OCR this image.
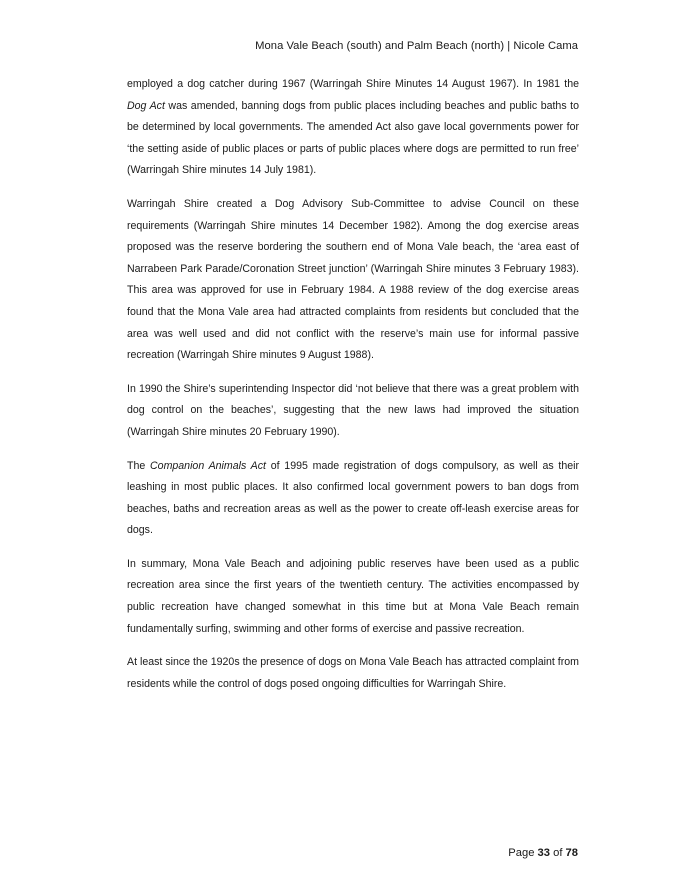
Mona Vale Beach (south) and Palm Beach (north) | Nicole Cama

employed a dog catcher during 1967 (Warringah Shire Minutes 14 August 1967). In 1981 the Dog Act was amended, banning dogs from public places including beaches and public baths to be determined by local governments. The amended Act also gave local governments power for ‘the setting aside of public places or parts of public places where dogs are permitted to run free’ (Warringah Shire minutes 14 July 1981).

Warringah Shire created a Dog Advisory Sub-Committee to advise Council on these requirements (Warringah Shire minutes 14 December 1982). Among the dog exercise areas proposed was the reserve bordering the southern end of Mona Vale beach, the ‘area east of Narrabeen Park Parade/Coronation Street junction’ (Warringah Shire minutes 3 February 1983). This area was approved for use in February 1984. A 1988 review of the dog exercise areas found that the Mona Vale area had attracted complaints from residents but concluded that the area was well used and did not conflict with the reserve’s main use for informal passive recreation (Warringah Shire minutes 9 August 1988).

In 1990 the Shire’s superintending Inspector did ‘not believe that there was a great problem with dog control on the beaches’, suggesting that the new laws had improved the situation (Warringah Shire minutes 20 February 1990).

The Companion Animals Act of 1995 made registration of dogs compulsory, as well as their leashing in most public places. It also confirmed local government powers to ban dogs from beaches, baths and recreation areas as well as the power to create off-leash exercise areas for dogs.

In summary, Mona Vale Beach and adjoining public reserves have been used as a public recreation area since the first years of the twentieth century. The activities encompassed by public recreation have changed somewhat in this time but at Mona Vale Beach remain fundamentally surfing, swimming and other forms of exercise and passive recreation.

At least since the 1920s the presence of dogs on Mona Vale Beach has attracted complaint from residents while the control of dogs posed ongoing difficulties for Warringah Shire.

Page 33 of 78
